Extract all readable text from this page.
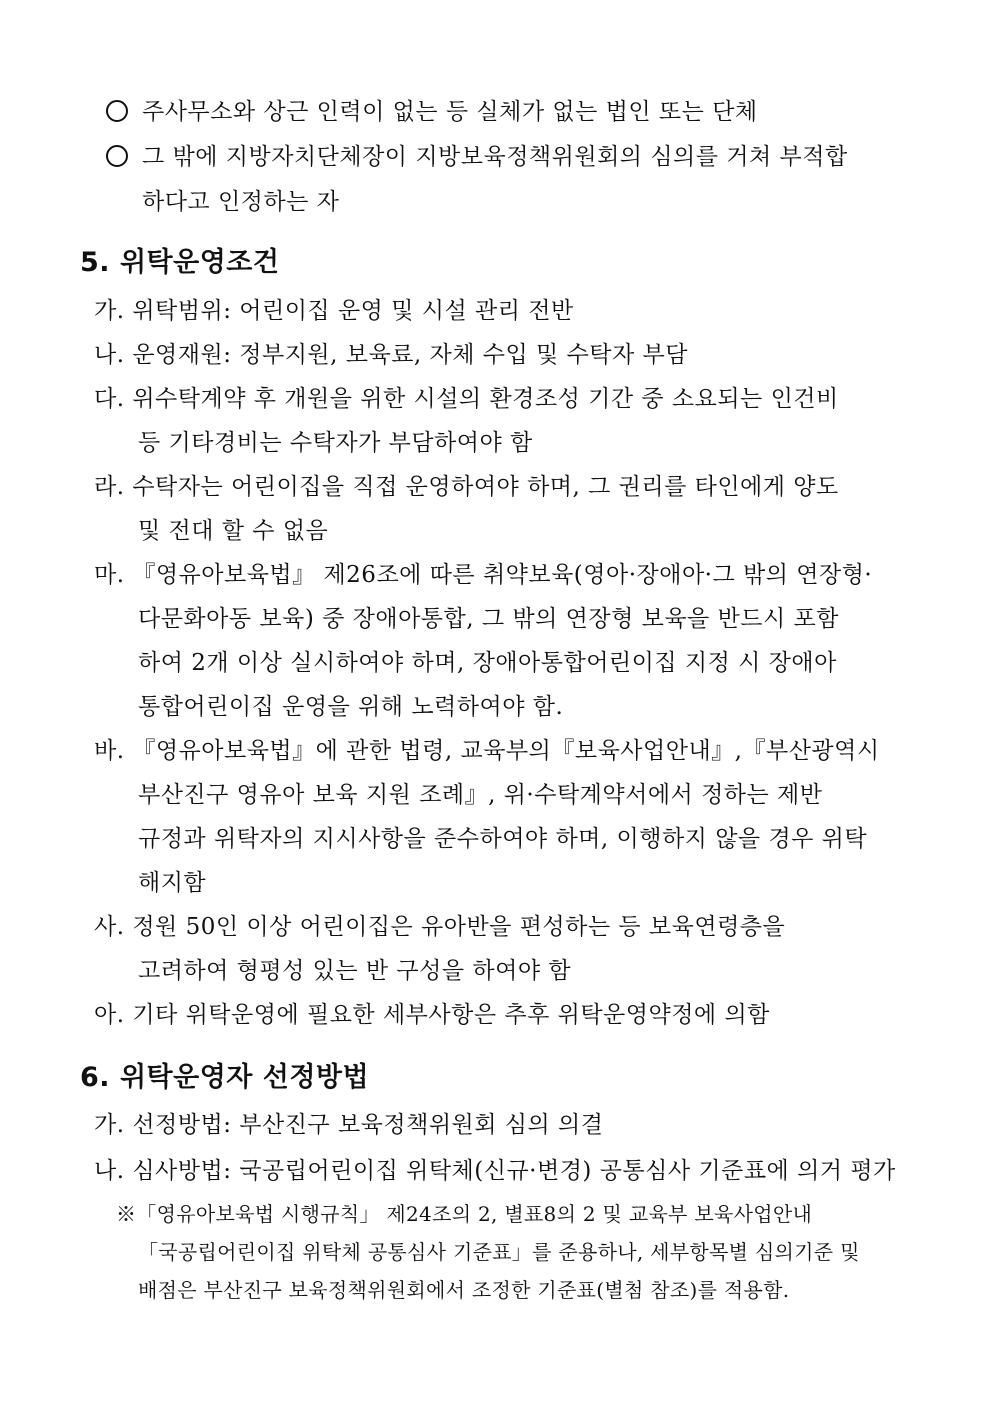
주사무소와 상근 인력이 없는 등 실체가 없는 법인 또는 단체
그 밖에 지방자치단체장이 지방보육정책위원회의 심의를 거쳐 부적합
하다고 인정하는 자
5. 위탁운영조건
가. 위탁범위: 어린이집 운영 및 시설 관리 전반
나. 운영재원: 정부지원, 보육료, 자체 수입 및 수탁자 부담
다. 위수탁계약 후 개원을 위한 시설의 환경조성 기간 중 소요되는 인건비
등 기타경비는 수탁자가 부담하여야 함
라. 수탁자는 어린이집을 직접 운영하여야 하며, 그 권리를 타인에게 양도
및 전대 할 수 없음
마. 『영유아보육법』 제26조에 따른 취약보육(영아·장애아·그 밖의 연장형·
다문화아동 보육) 중 장애아통합, 그 밖의 연장형 보육을 반드시 포함
하여 2개 이상 실시하여야 하며, 장애아통합어린이집 지정 시 장애아
통합어린이집 운영을 위해 노력하여야 함.
바. 『영유아보육법』에 관한 법령, 교육부의『보육사업안내』,『부산광역시
부산진구 영유아 보육 지원 조례』, 위·수탁계약서에서 정하는 제반
규정과 위탁자의 지시사항을 준수하여야 하며, 이행하지 않을 경우 위탁
해지함
사. 정원 50인 이상 어린이집은 유아반을 편성하는 등 보육연령층을
고려하여 형평성 있는 반 구성을 하여야 함
아. 기타 위탁운영에 필요한 세부사항은 추후 위탁운영약정에 의함
6. 위탁운영자 선정방법
가. 선정방법: 부산진구 보육정책위원회 심의 의결
나. 심사방법: 국공립어린이집 위탁체(신규·변경) 공통심사 기준표에 의거 평가
※「영유아보육법 시행규칙」 제24조의 2, 별표8의 2 및 교육부 보육사업안내
「국공립어린이집 위탁체 공통심사 기준표」를 준용하나, 세부항목별 심의기준 및
배점은 부산진구 보육정책위원회에서 조정한 기준표(별첨 참조)를 적용함.
